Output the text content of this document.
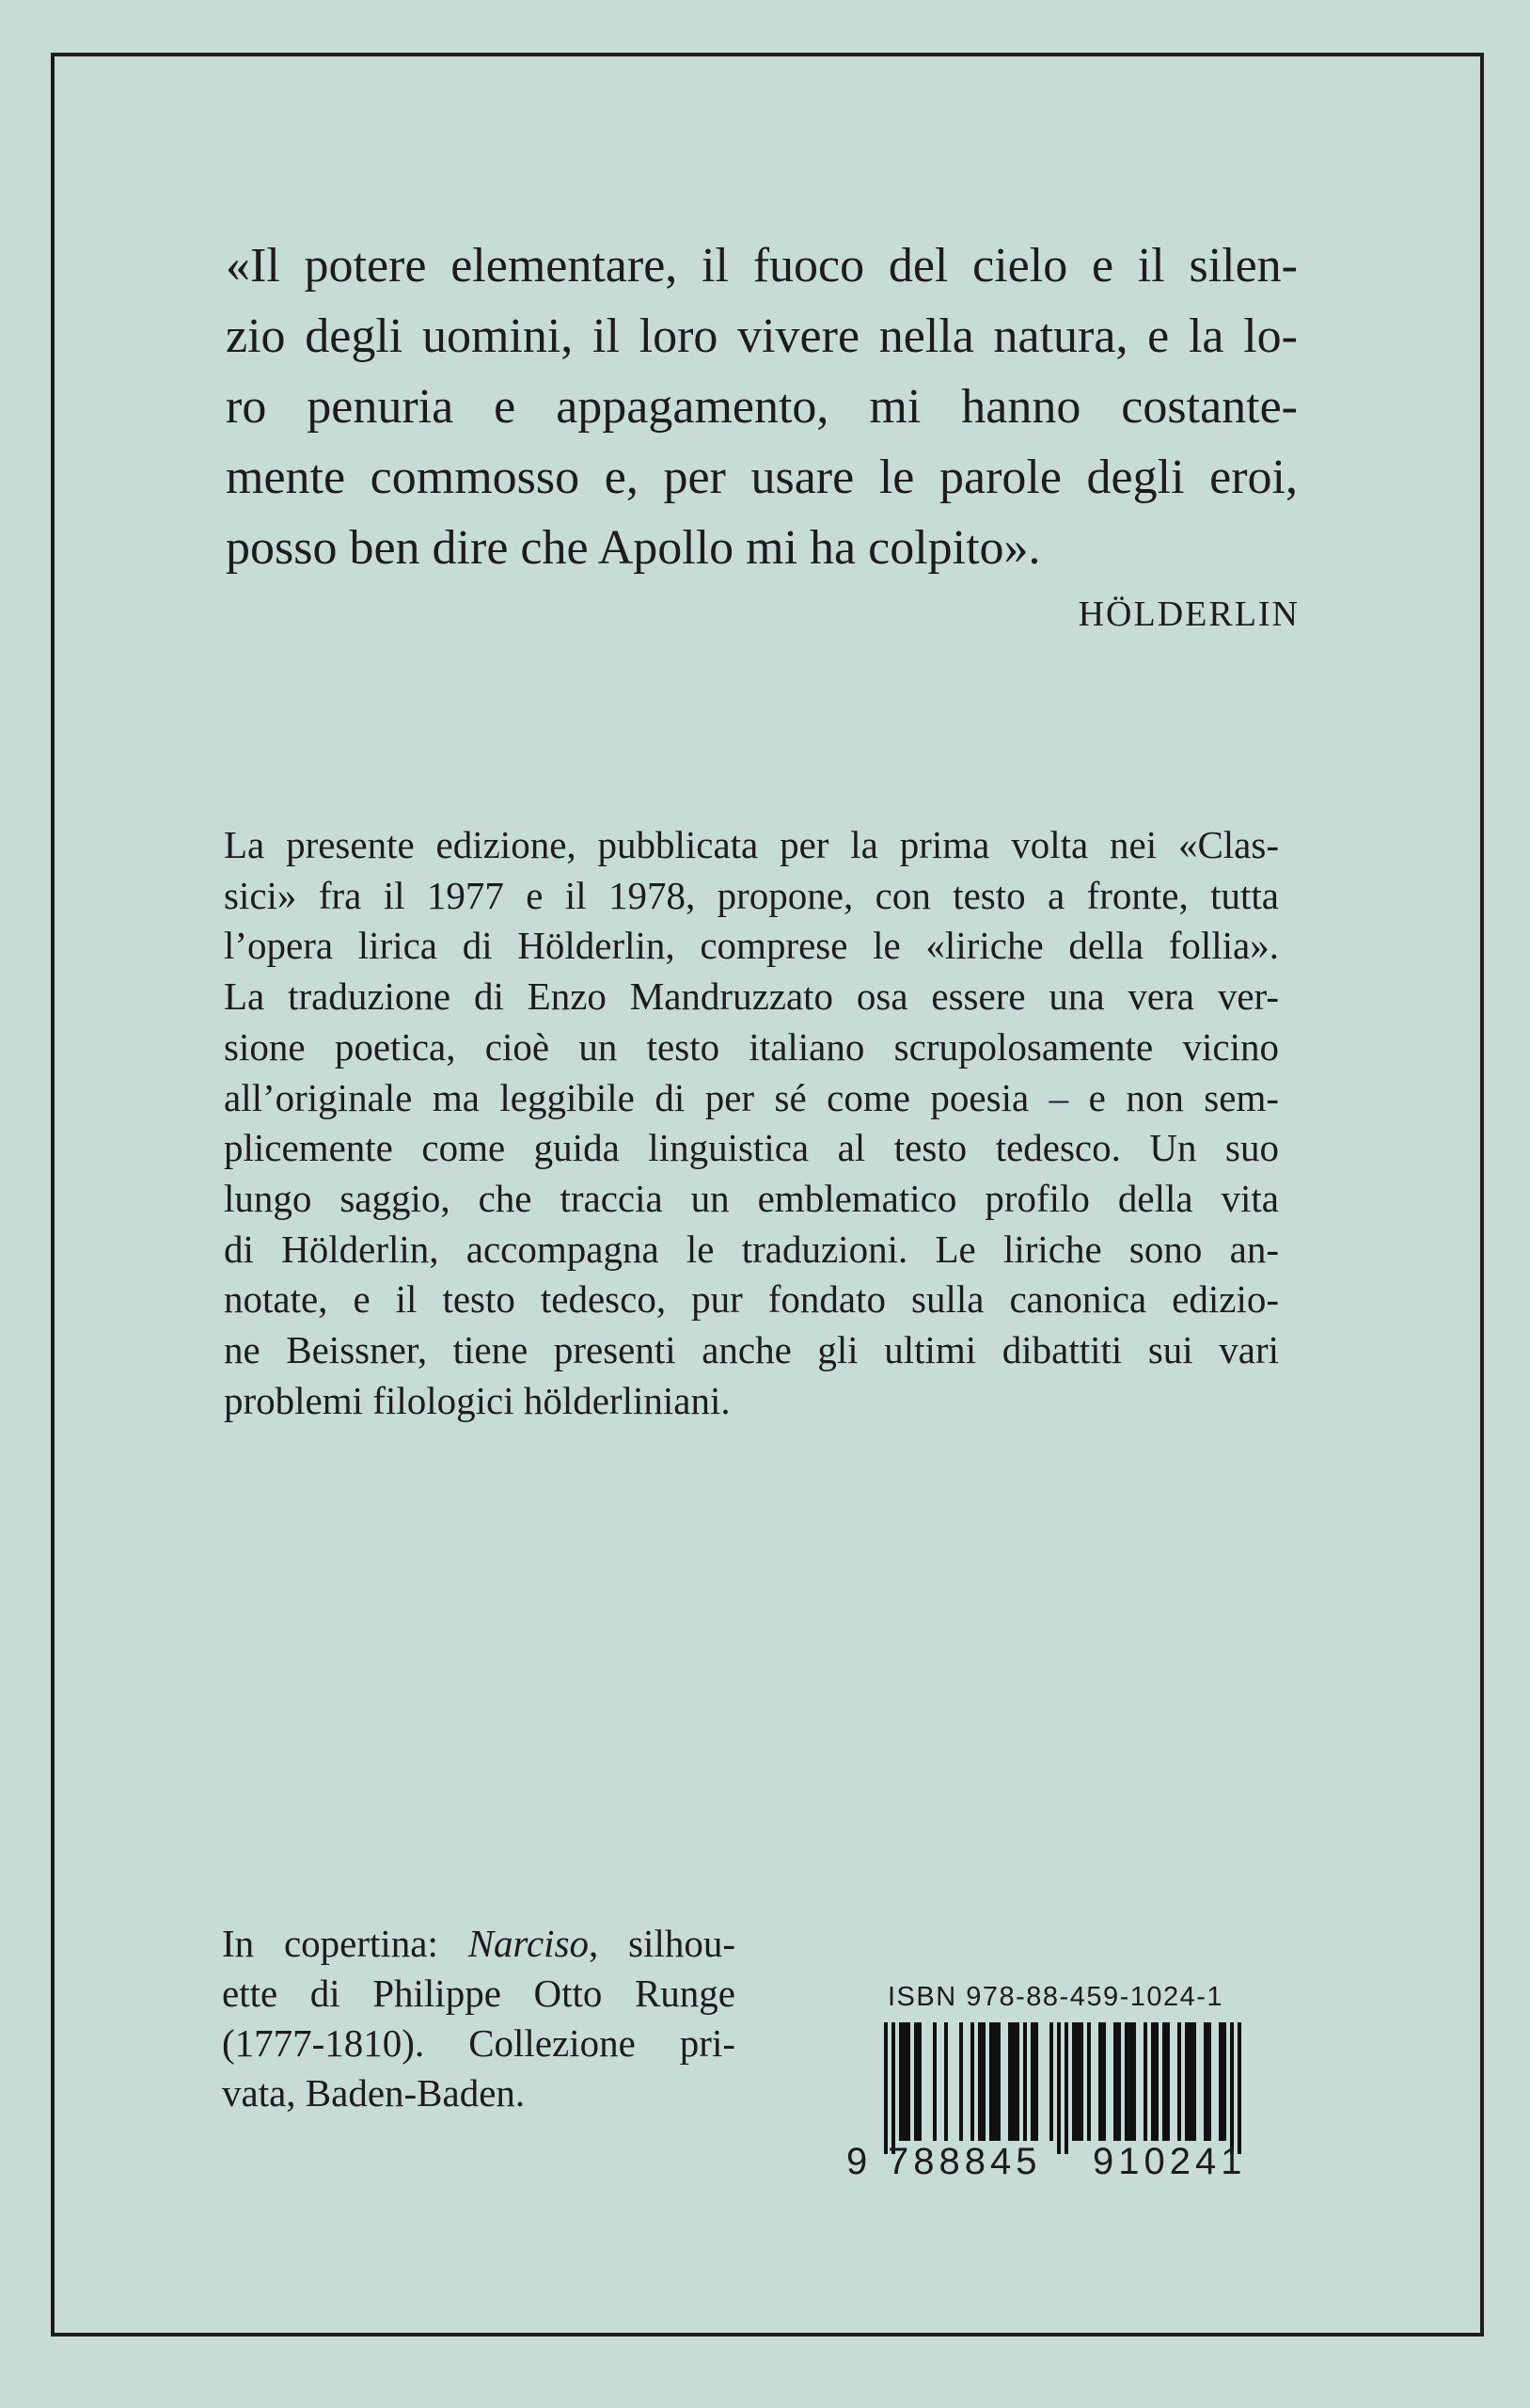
«Il potere elementare, il fuoco del cielo e il silen-
zio degli uomini, il loro vivere nella natura, e la lo-
ro penuria e appagamento, mi hanno costante-
mente commosso e, per usare le parole degli eroi,
posso ben dire che Apollo mi ha colpito».
HÖLDERLIN
La presente edizione, pubblicata per la prima volta nei «Clas-
sici» fra il 1977 e il 1978, propone, con testo a fronte, tutta
l’opera lirica di Hölderlin, comprese le «liriche della follia».
La traduzione di Enzo Mandruzzato osa essere una vera ver-
sione poetica, cioè un testo italiano scrupolosamente vicino
all’originale ma leggibile di per sé come poesia – e non sem-
plicemente come guida linguistica al testo tedesco. Un suo
lungo saggio, che traccia un emblematico profilo della vita
di Hölderlin, accompagna le traduzioni. Le liriche sono an-
notate, e il testo tedesco, pur fondato sulla canonica edizio-
ne Beissner, tiene presenti anche gli ultimi dibattiti sui vari
problemi filologici hölderliniani.
In copertina: Narciso, silhou-
ette di Philippe Otto Runge
(1777-1810). Collezione pri-
vata, Baden-Baden.
ISBN 978-88-459-1024-1
9 788845 910241
